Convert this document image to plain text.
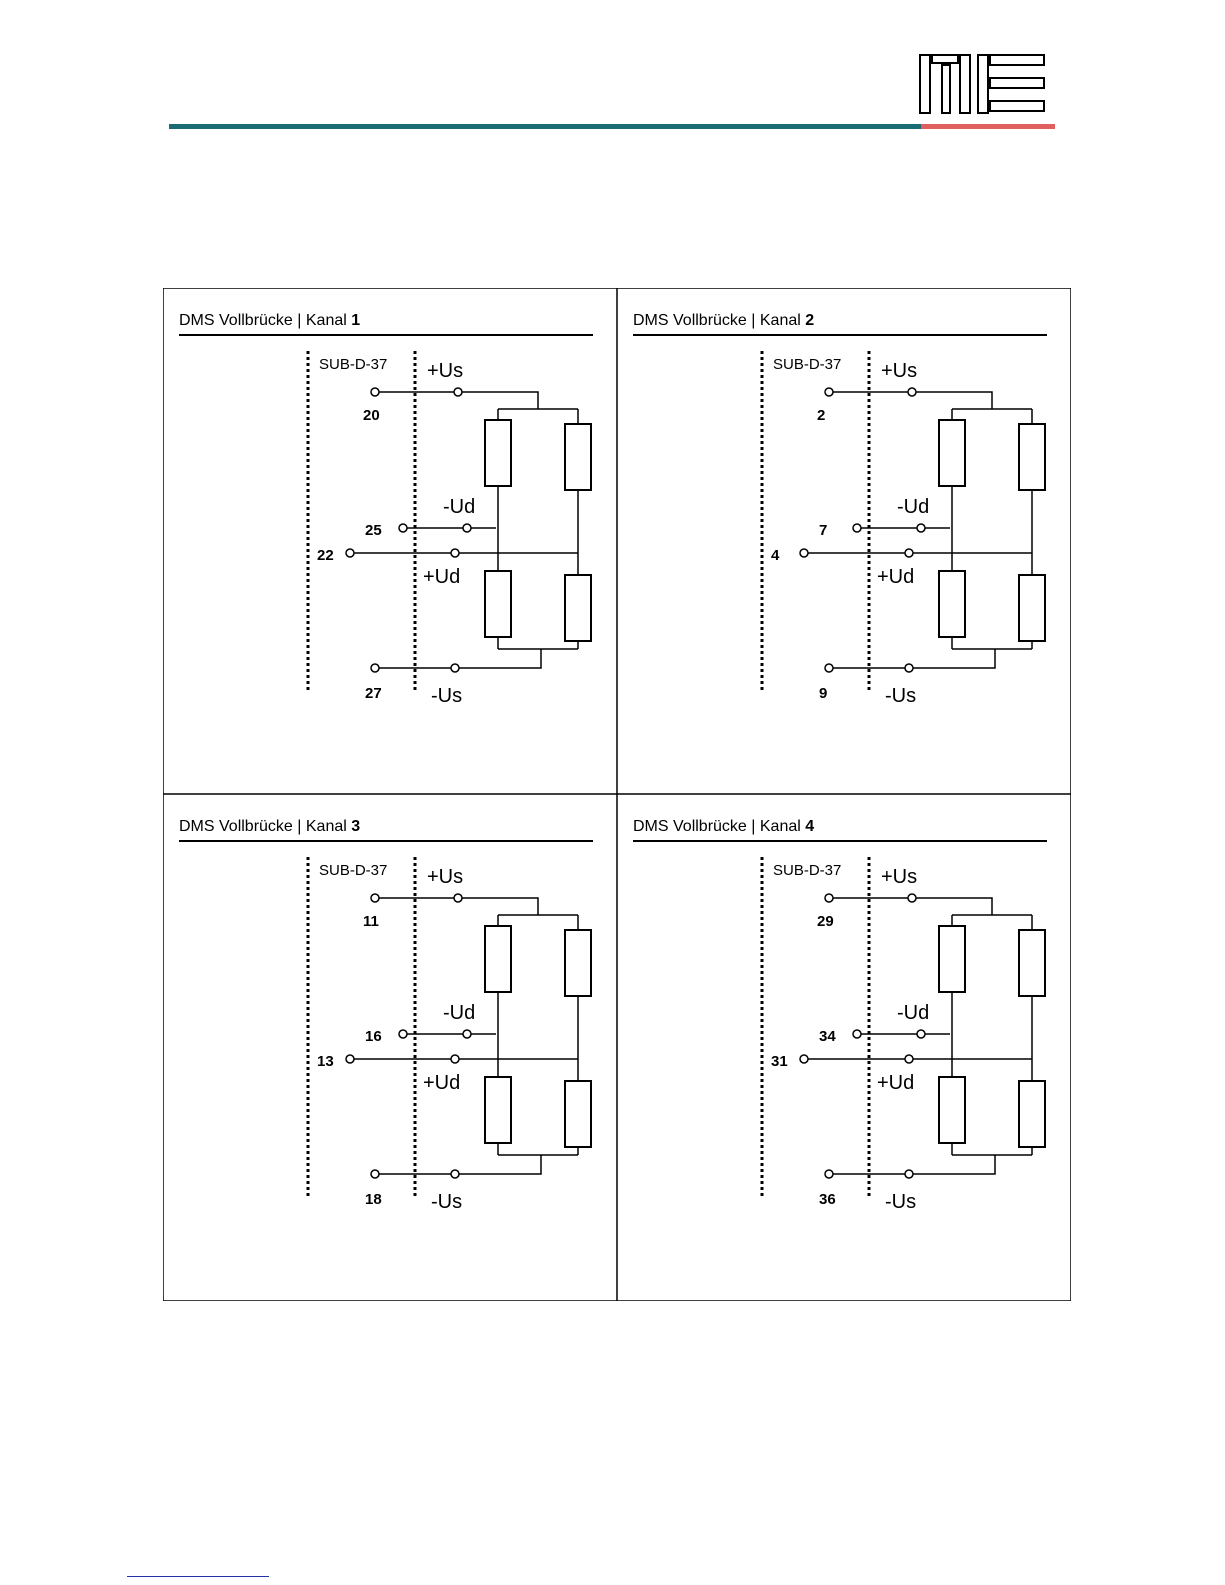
DMS Vollbrücke | Kanal 1
SUB-D-37
20
25
22
27
+Us
-Ud
+Ud
-Us
DMS Vollbrücke | Kanal 2
SUB-D-37
2
7
4
9
+Us
-Ud
+Ud
-Us
DMS Vollbrücke | Kanal 3
SUB-D-37
11
16
13
18
+Us
-Ud
+Ud
-Us
DMS Vollbrücke | Kanal 4
SUB-D-37
29
34
31
36
+Us
-Ud
+Ud
-Us
